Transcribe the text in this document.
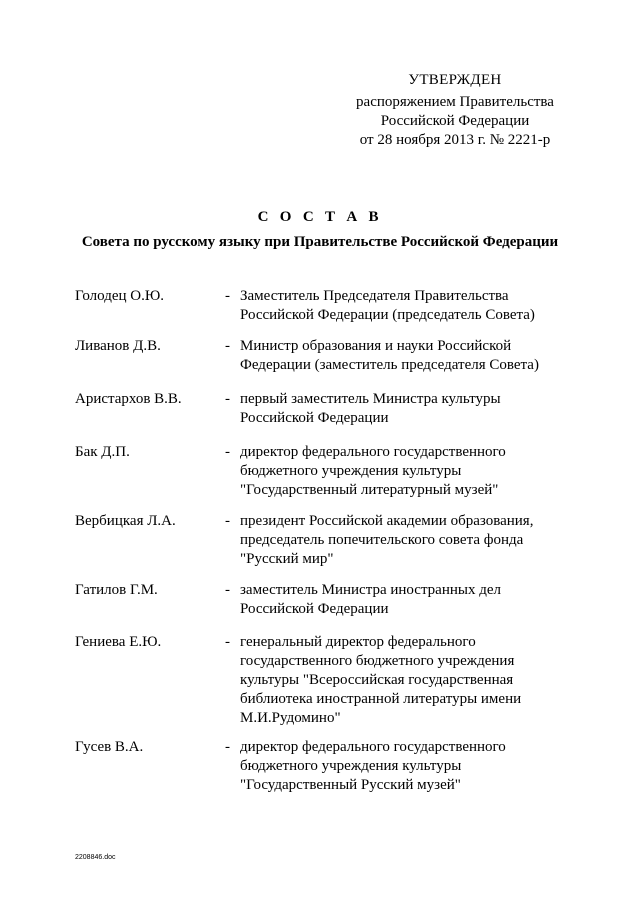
УТВЕРЖДЕН
распоряжением Правительства
Российской Федерации
от 28 ноября 2013 г. № 2221-р
С О С Т А В
Совета по русскому языку при Правительстве Российской Федерации
Голодец О.Ю.	- Заместитель Председателя Правительства
Российской Федерации (председатель Совета)
Ливанов Д.В.	- Министр образования и науки Российской
Федерации (заместитель председателя Совета)
Аристархов В.В.	- первый заместитель Министра культуры
Российской Федерации
Бак Д.П.	- директор федерального государственного
бюджетного учреждения культуры
"Государственный литературный музей"
Вербицкая Л.А.	- президент Российской академии образования,
председатель попечительского совета фонда
"Русский мир"
Гатилов Г.М.	- заместитель Министра иностранных дел
Российской Федерации
Гениева Е.Ю.	- генеральный директор федерального
государственного бюджетного учреждения
культуры "Всероссийская государственная
библиотека иностранной литературы имени
М.И.Рудомино"
Гусев В.А.	- директор федерального государственного
бюджетного учреждения культуры
"Государственный Русский музей"
2208846.doc
